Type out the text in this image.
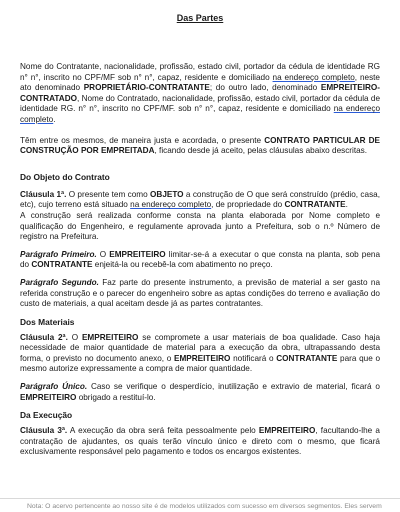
Das Partes

Nome do Contratante, nacionalidade, profissão, estado civil, portador da cédula de identidade RG n° n°, inscrito no CPF/MF sob n° n°, capaz, residente e domiciliado na endereço completo, neste ato denominado PROPRIETÁRIO-CONTRATANTE; do outro lado, denominado EMPREITEIRO-CONTRATADO, Nome do Contratado, nacionalidade, profissão, estado civil, portador da cédula de identidade RG. n° n°, inscrito no CPF/MF. sob n° n°, capaz, residente e domiciliado na endereço completo.

Têm entre os mesmos, de maneira justa e acordada, o presente CONTRATO PARTICULAR DE CONSTRUÇÃO POR EMPREITADA, ficando desde já aceito, pelas cláusulas abaixo descritas.

Do Objeto do Contrato

Cláusula 1ª. O presente tem como OBJETO a construção de O que será construído (prédio, casa, etc), cujo terreno está situado na endereço completo, de propriedade do CONTRATANTE.

A construção será realizada conforme consta na planta elaborada por Nome completo e qualificação do Engenheiro, e regulamente aprovada junto a Prefeitura, sob o n.º Número de registro na Prefeitura.

Parágrafo Primeiro. O EMPREITEIRO limitar-se-á a executar o que consta na planta, sob pena do CONTRATANTE enjeitá-la ou recebê-la com abatimento no preço.

Parágrafo Segundo. Faz parte do presente instrumento, a previsão de material a ser gasto na referida construção e o parecer do engenheiro sobre as aptas condições do terreno e avaliação do custo de materiais, a qual aceitam desde já as partes contratantes.

Dos Materiais

Cláusula 2ª. O EMPREITEIRO se compromete a usar materiais de boa qualidade. Caso haja necessidade de maior quantidade de material para a execução da obra, ultrapassando desta forma, o previsto no documento anexo, o EMPREITEIRO notificará o CONTRATANTE para que o mesmo autorize expressamente a compra de maior quantidade.

Parágrafo Único. Caso se verifique o desperdício, inutilização e extravio de material, ficará o EMPREITEIRO obrigado a restituí-lo.

Da Execução

Cláusula 3ª. A execução da obra será feita pessoalmente pelo EMPREITEIRO, facultando-lhe a contratação de ajudantes, os quais terão vínculo único e direto com o mesmo, que ficará exclusivamente responsável pelo pagamento e todos os encargos existentes.

Nota: O acervo pertencente ao nosso site é de modelos utilizados com sucesso em diversos segmentos. Eles servem
